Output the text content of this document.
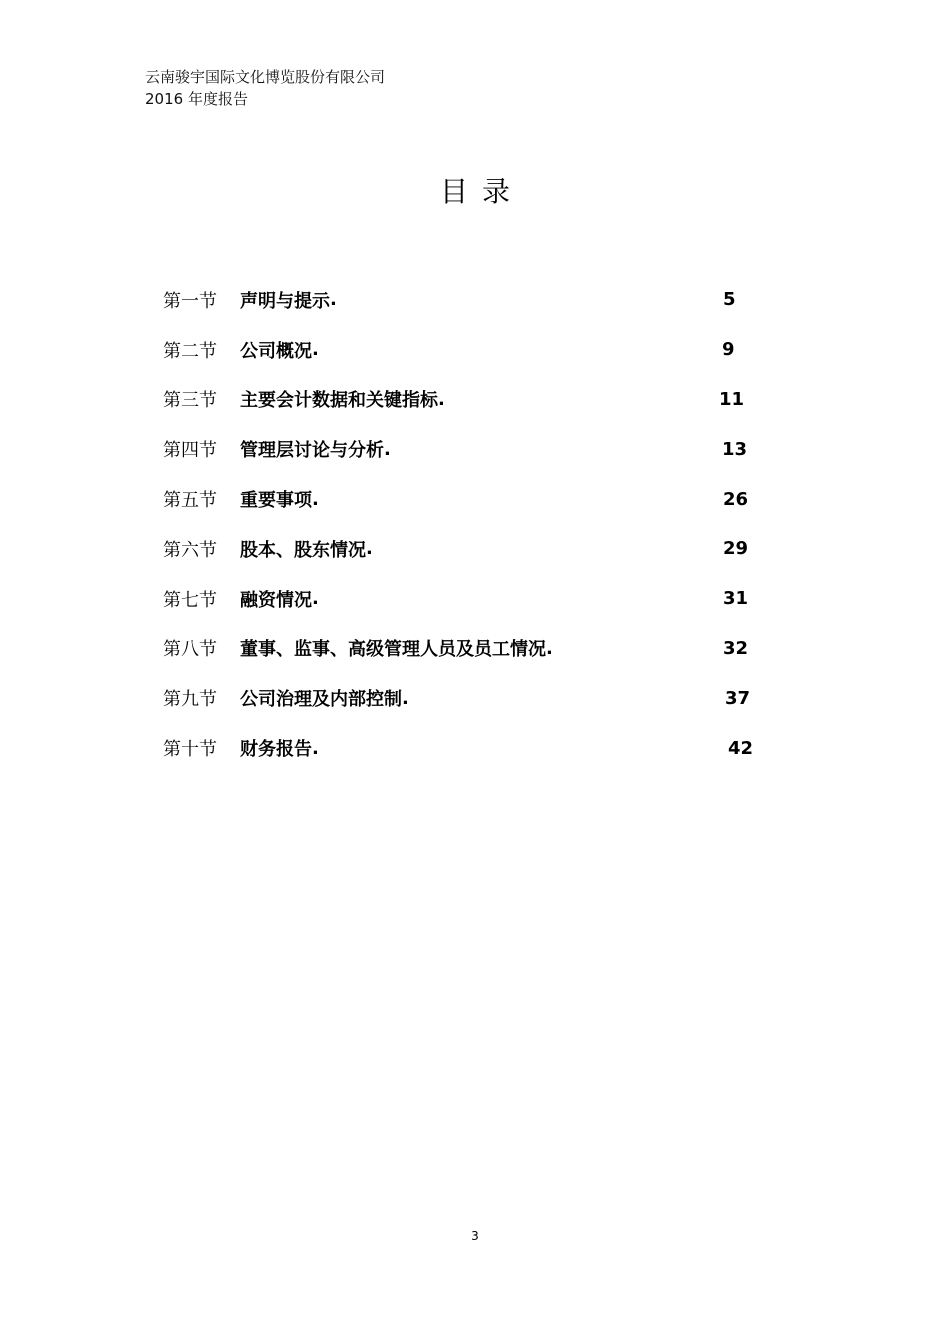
云南骏宇国际文化博览股份有限公司
2016 年度报告
目录
第一节	声明与提示 .	5
第二节	公司概况 .	9
第三节	主要会计数据和关键指标 .	11
第四节	管理层讨论与分析 .	13
第五节	重要事项 .	26
第六节	股本、股东情况 .	29
第七节	融资情况 .	31
第八节	董事、监事、高级管理人员及员工情况 .	32
第九节	公司治理及内部控制 .	37
第十节	财务报告 .	42
3
